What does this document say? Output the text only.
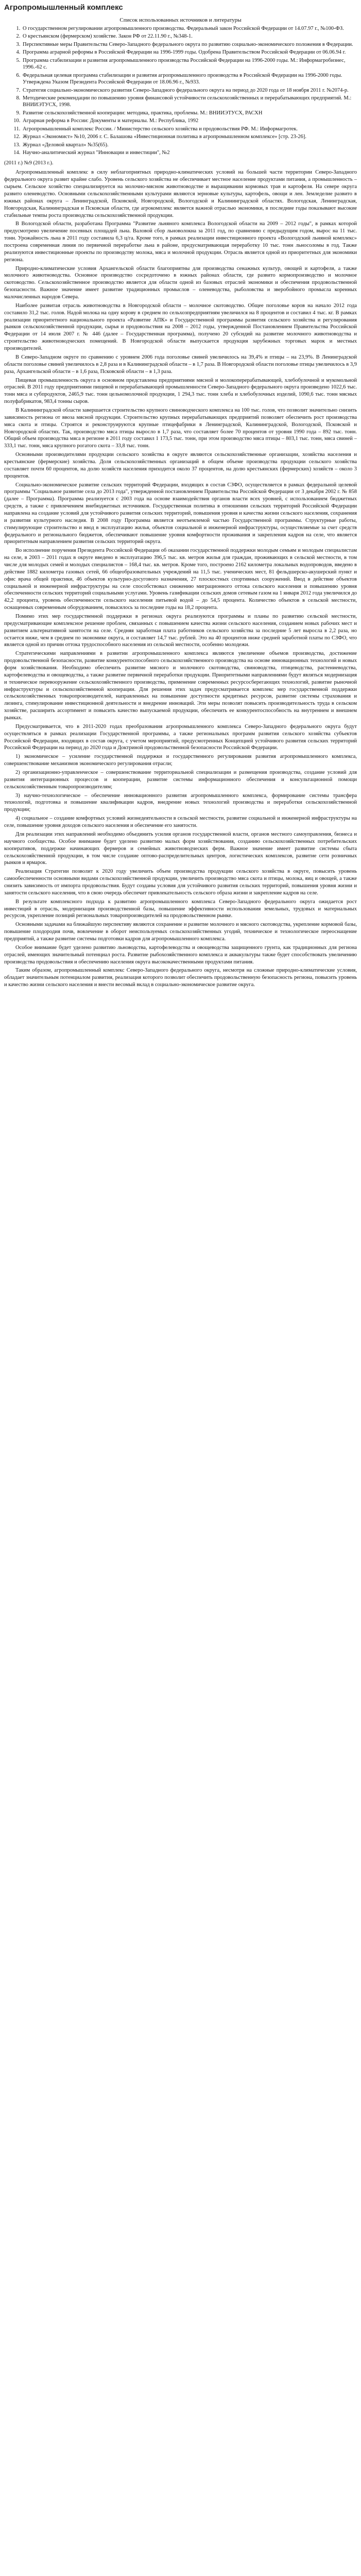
Агропромышленный комплекс
Список использованных источников и литературы
1. О государственном регулировании агропромышленного производства. Федеральный закон Российской Федерации от 14.07.97 г., №100-ФЗ.
2. О крестьянском (фермерском) хозяйстве. Закон РФ от 22.11.90 г., №348-1.
3. Перспективные меры Правительства Северо-Западного федерального округа по развитию социально-экономического положения в Федерации.
4. Программа аграрной реформы в Российской Федерации на 1996-1999 годы. Одобрена Правительством Российской Федерации от 06.06.94 г.
5. Программа стабилизации и развития агропромышленного производства Российской Федерации на 1996-2000 годы. М.: Информагробизнес, 1996.-62 с.
6. Федеральная целевая программа стабилизации и развития агропромышленного производства в Российской Федерации на 1996-2000 годы. Утверждена Указом Президента Российской Федерации от 18.06.96 г., №933.
7. Стратегия социально-экономического развития Северо-Западного федерального округа на период до 2020 года от 18 ноября 2011 г. №2074-р.
8. Методические рекомендации по повышению уровня финансовой устойчивости сельскохозяйственных и перерабатывающих предприятий. М.: ВНИИЭТУСХ, 1998.
9. Развитие сельскохозяйственной кооперации: методика, практика, проблемы. М.: ВНИИЭТУСХ, РАСХН
10. Аграрная реформа в России: Документы и материалы. М.: Республика, 1992
11. Агропромышленный комплекс России. / Министерство сельского хозяйства и продовольствия РФ. М.: Информагротек.
12. Журнал «Экономист» №10, 2006 г. С. Балашова «Инвестиционная политика в агропромышленном комплексе» [стр. 23-26].
13. Журнал «Деловой квартал» №35(65).
14. Научно-аналитический журнал "Инновации и инвестиции", №2
(2011 г.) №9 (2013 г.).

Агропромышленный комплекс в силу неблагоприятных природно-климатических условий на большей части территории Северо-Западного федерального округа развит крайне слабо. Уровень сельского хозяйства не обеспечивает местное население продуктами питания, а промышленность – сырьем. Сельское хозяйство специализируется на молочно-мясном животноводстве и выращивании кормовых трав и картофеля. На севере округа развито оленеводство. Основными сельскохозяйственными культурами являются зерновые культуры, картофель, овощи и лен. Земледелие развито в южных районах округа – Ленинградской, Псковской, Новгородской, Вологодской и Калининградской областях. Вологодская, Ленинградская, Новгородская, Калининградская и Псковская области, где агрокомплекс является важной отраслью экономики, в последние годы показывают высокие стабильные темпы роста производства сельскохозяйственной продукции.

В Вологодской области, разработана Программа "Развитие льняного комплекса Вологодской области на 2009 – 2012 годы", в рамках которой предусмотрено увеличение посевных площадей льна. Валовой сбор льноволокна за 2011 год, по сравнению с предыдущим годом, вырос на 11 тыс. тонн. Урожайность льна в 2011 году составила 6,3 ц/га. Кроме того, в рамках реализации инвестиционного проекта «Вологодский льняной комплекс» построена современная линия по первичной переработке льна в районе, предусматривающая переработку 10 тыс. тонн льносоломы в год. Также реализуются инвестиционные проекты по производству молока, мяса и молочной продукции. Отрасль является одной из приоритетных для экономики региона.

Природно-климатические условия Архангельской области благоприятны для производства сенажных культур, овощей и картофеля, а также молочного животноводства. Основное производство сосредоточено в южных районах области, где развито кормопроизводство и молочное скотоводство. Сельскохозяйственное производство является для области одной из базовых отраслей экономики и обеспечения продовольственной безопасности. Важное значение имеет развитие традиционных промыслов – оленеводства, рыболовства и зверобойного промысла коренных малочисленных народов Севера.

Наиболее развитая отрасль животноводства в Новгородской области – молочное скотоводство. Общее поголовье коров на начало 2012 года составило 31,2 тыс. голов. Надой молока на одну корову в среднем по сельхозпредприятиям увеличился на 8 процентов и составил 4 тыс. кг. В рамках реализации приоритетного национального проекта «Развитие АПК» и Государственной программы развития сельского хозяйства и регулирования рынков сельскохозяйственной продукции, сырья и продовольствия на 2008 – 2012 годы, утвержденной Постановлением Правительства Российской Федерации от 14 июля 2007 г. № 446 (далее – Государственная программа), получено 20 субсидий на развитие молочного животноводства и строительство животноводческих помещений. В Новгородской области выпускается продукция зарубежных торговых марок и местных производителей.

В Северо-Западном округе по сравнению с уровнем 2006 года поголовье свиней увеличилось на 39,4% и птицы – на 23,9%. В Ленинградской области поголовье свиней увеличилось в 2,8 раза и в Калининградской области – в 1,7 раза. В Новгородской области поголовье птицы увеличилось в 3,9 раза, Архангельской области – в 1,6 раза, Псковской области – в 1,3 раза.

Пищевая промышленность округа в основном представлена предприятиями мясной и молокоперерабатывающей, хлебобулочной и мукомольной отраслей. В 2011 году предприятиями пищевой и перерабатывающей промышленности Северо-Западного федерального округа произведено 1022,6 тыс. тонн мяса и субпродуктов, 2465,9 тыс. тонн цельномолочной продукции, 1 294,3 тыс. тонн хлеба и хлебобулочных изделий, 1090,6 тыс. тонн мясных полуфабрикатов, 983,4 тонны сыров.

В Калининградской области завершается строительство крупного свиноводческого комплекса на 100 тыс. голов, что позволит значительно снизить зависимость региона от ввоза мясной продукции. Строительство крупных перерабатывающих предприятий позволяет обеспечить рост производства мяса скота и птицы. Строятся и реконструируются крупные птицефабрики в Ленинградской, Калининградской, Вологодской, Псковской и Новгородской областях. Так, производство мяса птицы выросло в 1,7 раза, что составляет более 70 процентов от уровня 1990 года – 892 тыс. тонн. Общий объем производства мяса в регионе в 2011 году составил 1 173,5 тыс. тонн, при этом производство мяса птицы – 803,1 тыс. тонн, мяса свиней – 333,1 тыс. тонн, мяса крупного рогатого скота – 33,8 тыс. тонн.

Основными производителями продукции сельского хозяйства в округе являются сельскохозяйственные организации, хозяйства населения и крестьянские (фермерские) хозяйства. Доля сельскохозяйственных организаций в общем объеме производства продукции сельского хозяйства составляет почти 60 процентов, на долю хозяйств населения приходится около 37 процентов, на долю крестьянских (фермерских) хозяйств – около 3 процентов.

Социально-экономическое развитие сельских территорий Федерации, входящих в состав СЗФО, осуществляется в рамках федеральной целевой программы "Социальное развитие села до 2013 года", утвержденной постановлением Правительства Российской Федерации от 3 декабря 2002 г. № 858 (далее – Программа). Программа реализуется с 2003 года на основе взаимодействия органов власти всех уровней, с использованием бюджетных средств, а также с привлечением внебюджетных источников. Государственная политика в отношении сельских территорий Российской Федерации направлена на создание условий для устойчивого развития сельских территорий, повышения уровня и качества жизни сельского населения, сохранения и развития культурного наследия. В 2008 году Программа является неотъемлемой частью Государственной программы. Структурные работы, стимулирующие строительство и ввод в эксплуатацию жилья, объектов социальной и инженерной инфраструктуры, осуществляемые за счет средств федерального и регионального бюджетов, обеспечивают повышение уровня комфортности проживания и закрепления кадров на селе, что является приоритетным направлением развития сельских территорий округа.

Во исполнение поручения Президента Российской Федерации об оказании государственной поддержки молодым семьям и молодым специалистам на селе, в 2003 – 2011 годах в округе введено в эксплуатацию 396,5 тыс. кв. метров жилья для граждан, проживающих в сельской местности, в том числе для молодых семей и молодых специалистов – 168,4 тыс. кв. метров. Кроме того, построено 2162 километра локальных водопроводов, введено в действие 1882 километра газовых сетей, 66 общеобразовательных учреждений на 11,5 тыс. ученических мест, 81 фельдшерско-акушерский пункт и офис врача общей практики, 46 объектов культурно-досугового назначения, 27 плоскостных спортивных сооружений. Ввод в действие объектов социальной и инженерной инфраструктуры на селе способствовал снижению миграционного оттока сельского населения и повышению уровня обеспеченности сельских территорий социальными услугами. Уровень газификации сельских домов сетевым газом на 1 января 2012 года увеличился до 42,2 процента, уровень обеспеченности сельского населения питьевой водой – до 54,5 процента. Количество объектов в сельской местности, оснащенных современным оборудованием, повысилось за последние годы на 18,2 процента.

Помимо этих мер государственной поддержки в регионах округа реализуются программы и планы по развитию сельской местности, предусматривающие комплексное решение проблем, связанных с повышением качества жизни сельского населения, созданием новых рабочих мест и развитием альтернативной занятости на селе. Средняя заработная плата работников сельского хозяйства за последние 5 лет выросла в 2,2 раза, но остается ниже, чем в среднем по экономике округа, и составляет 14,7 тыс. рублей. Это на 40 процентов ниже средней заработной платы по СЗФО, что является одной из причин оттока трудоспособного населения из сельской местности, особенно молодежи.

Стратегическими направлениями в развитии агропромышленного комплекса являются увеличение объемов производства, достижение продовольственной безопасности, развитие конкурентоспособного сельскохозяйственного производства на основе инновационных технологий и новых форм хозяйствования. Необходимо обеспечить развитие мясного и молочного скотоводства, свиноводства, птицеводства, растениеводства, картофелеводства и овощеводства, а также развитие первичной переработки продукции. Приоритетными направлениями будут являться модернизация и техническое перевооружение сельскохозяйственного производства, применение современных ресурсосберегающих технологий, развитие рыночной инфраструктуры и сельскохозяйственной кооперации. Для решения этих задач предусматривается комплекс мер государственной поддержки сельскохозяйственных товаропроизводителей, направленных на повышение доступности кредитных ресурсов, развитие системы страхования и лизинга, стимулирование инвестиционной деятельности и внедрение инноваций. Эти меры позволят повысить производительность труда в сельском хозяйстве, расширить ассортимент и повысить качество выпускаемой продукции, обеспечить ее конкурентоспособность на внутреннем и внешнем рынках.

Предусматривается, что в 2011-2020 годах преобразования агропромышленного комплекса Северо-Западного федерального округа будут осуществляться в рамках реализации Государственной программы, а также региональных программ развития сельского хозяйства субъектов Российской Федерации, входящих в состав округа, с учетом мероприятий, предусмотренных Концепцией устойчивого развития сельских территорий Российской Федерации на период до 2020 года и Доктриной продовольственной безопасности Российской Федерации.

1) экономическое – усиление государственной поддержки и государственного регулирования развития агропромышленного комплекса, совершенствование механизмов экономического регулирования отрасли;

2) организационно-управленческое – совершенствование территориальной специализации и размещения производства, создание условий для развития интеграционных процессов и кооперации, развитие системы информационного обеспечения и консультационной помощи сельскохозяйственным товаропроизводителям;

3) научно-технологическое – обеспечение инновационного развития агропромышленного комплекса, формирование системы трансфера технологий, подготовка и повышение квалификации кадров, внедрение новых технологий производства и переработки сельскохозяйственной продукции;

4) социальное – создание комфортных условий жизнедеятельности в сельской местности, развитие социальной и инженерной инфраструктуры на селе, повышение уровня доходов сельского населения и обеспечение его занятости.

Для реализации этих направлений необходимо объединить усилия органов государственной власти, органов местного самоуправления, бизнеса и научного сообщества. Особое внимание будет уделено развитию малых форм хозяйствования, созданию сельскохозяйственных потребительских кооперативов, поддержке начинающих фермеров и семейных животноводческих ферм. Важное значение имеет развитие системы сбыта сельскохозяйственной продукции, в том числе создание оптово-распределительных центров, логистических комплексов, развитие сети розничных рынков и ярмарок.

Реализация Стратегии позволит к 2020 году увеличить объем производства продукции сельского хозяйства в округе, повысить уровень самообеспеченности основными видами сельскохозяйственной продукции, увеличить производство мяса скота и птицы, молока, яиц и овощей, а также снизить зависимость от импорта продовольствия. Будут созданы условия для устойчивого развития сельских территорий, повышения уровня жизни и занятости сельского населения, что в свою очередь обеспечит привлекательность сельского образа жизни и закрепление кадров на селе.

В результате комплексного подхода к развитию агропромышленного комплекса Северо-Западного федерального округа ожидается рост инвестиций в отрасль, модернизация производственной базы, повышение эффективности использования земельных, трудовых и материальных ресурсов, укрепление позиций региональных товаропроизводителей на продовольственном рынке.

Основными задачами на ближайшую перспективу являются сохранение и развитие молочного и мясного скотоводства, укрепление кормовой базы, повышение плодородия почв, вовлечение в оборот неиспользуемых сельскохозяйственных угодий, техническое и технологическое переоснащение предприятий, а также развитие системы подготовки кадров для агропромышленного комплекса.

Особое внимание будет уделено развитию льноводства, картофелеводства и овощеводства защищенного грунта, как традиционных для региона отраслей, имеющих значительный потенциал роста. Развитие рыбохозяйственного комплекса и аквакультуры также будет способствовать увеличению производства продовольствия и обеспечению населения округа высококачественными продуктами питания.

Таким образом, агропромышленный комплекс Северо-Западного федерального округа, несмотря на сложные природно-климатические условия, обладает значительным потенциалом развития, реализация которого позволит обеспечить продовольственную безопасность региона, повысить уровень и качество жизни сельского населения и внести весомый вклад в социально-экономическое развитие округа.
